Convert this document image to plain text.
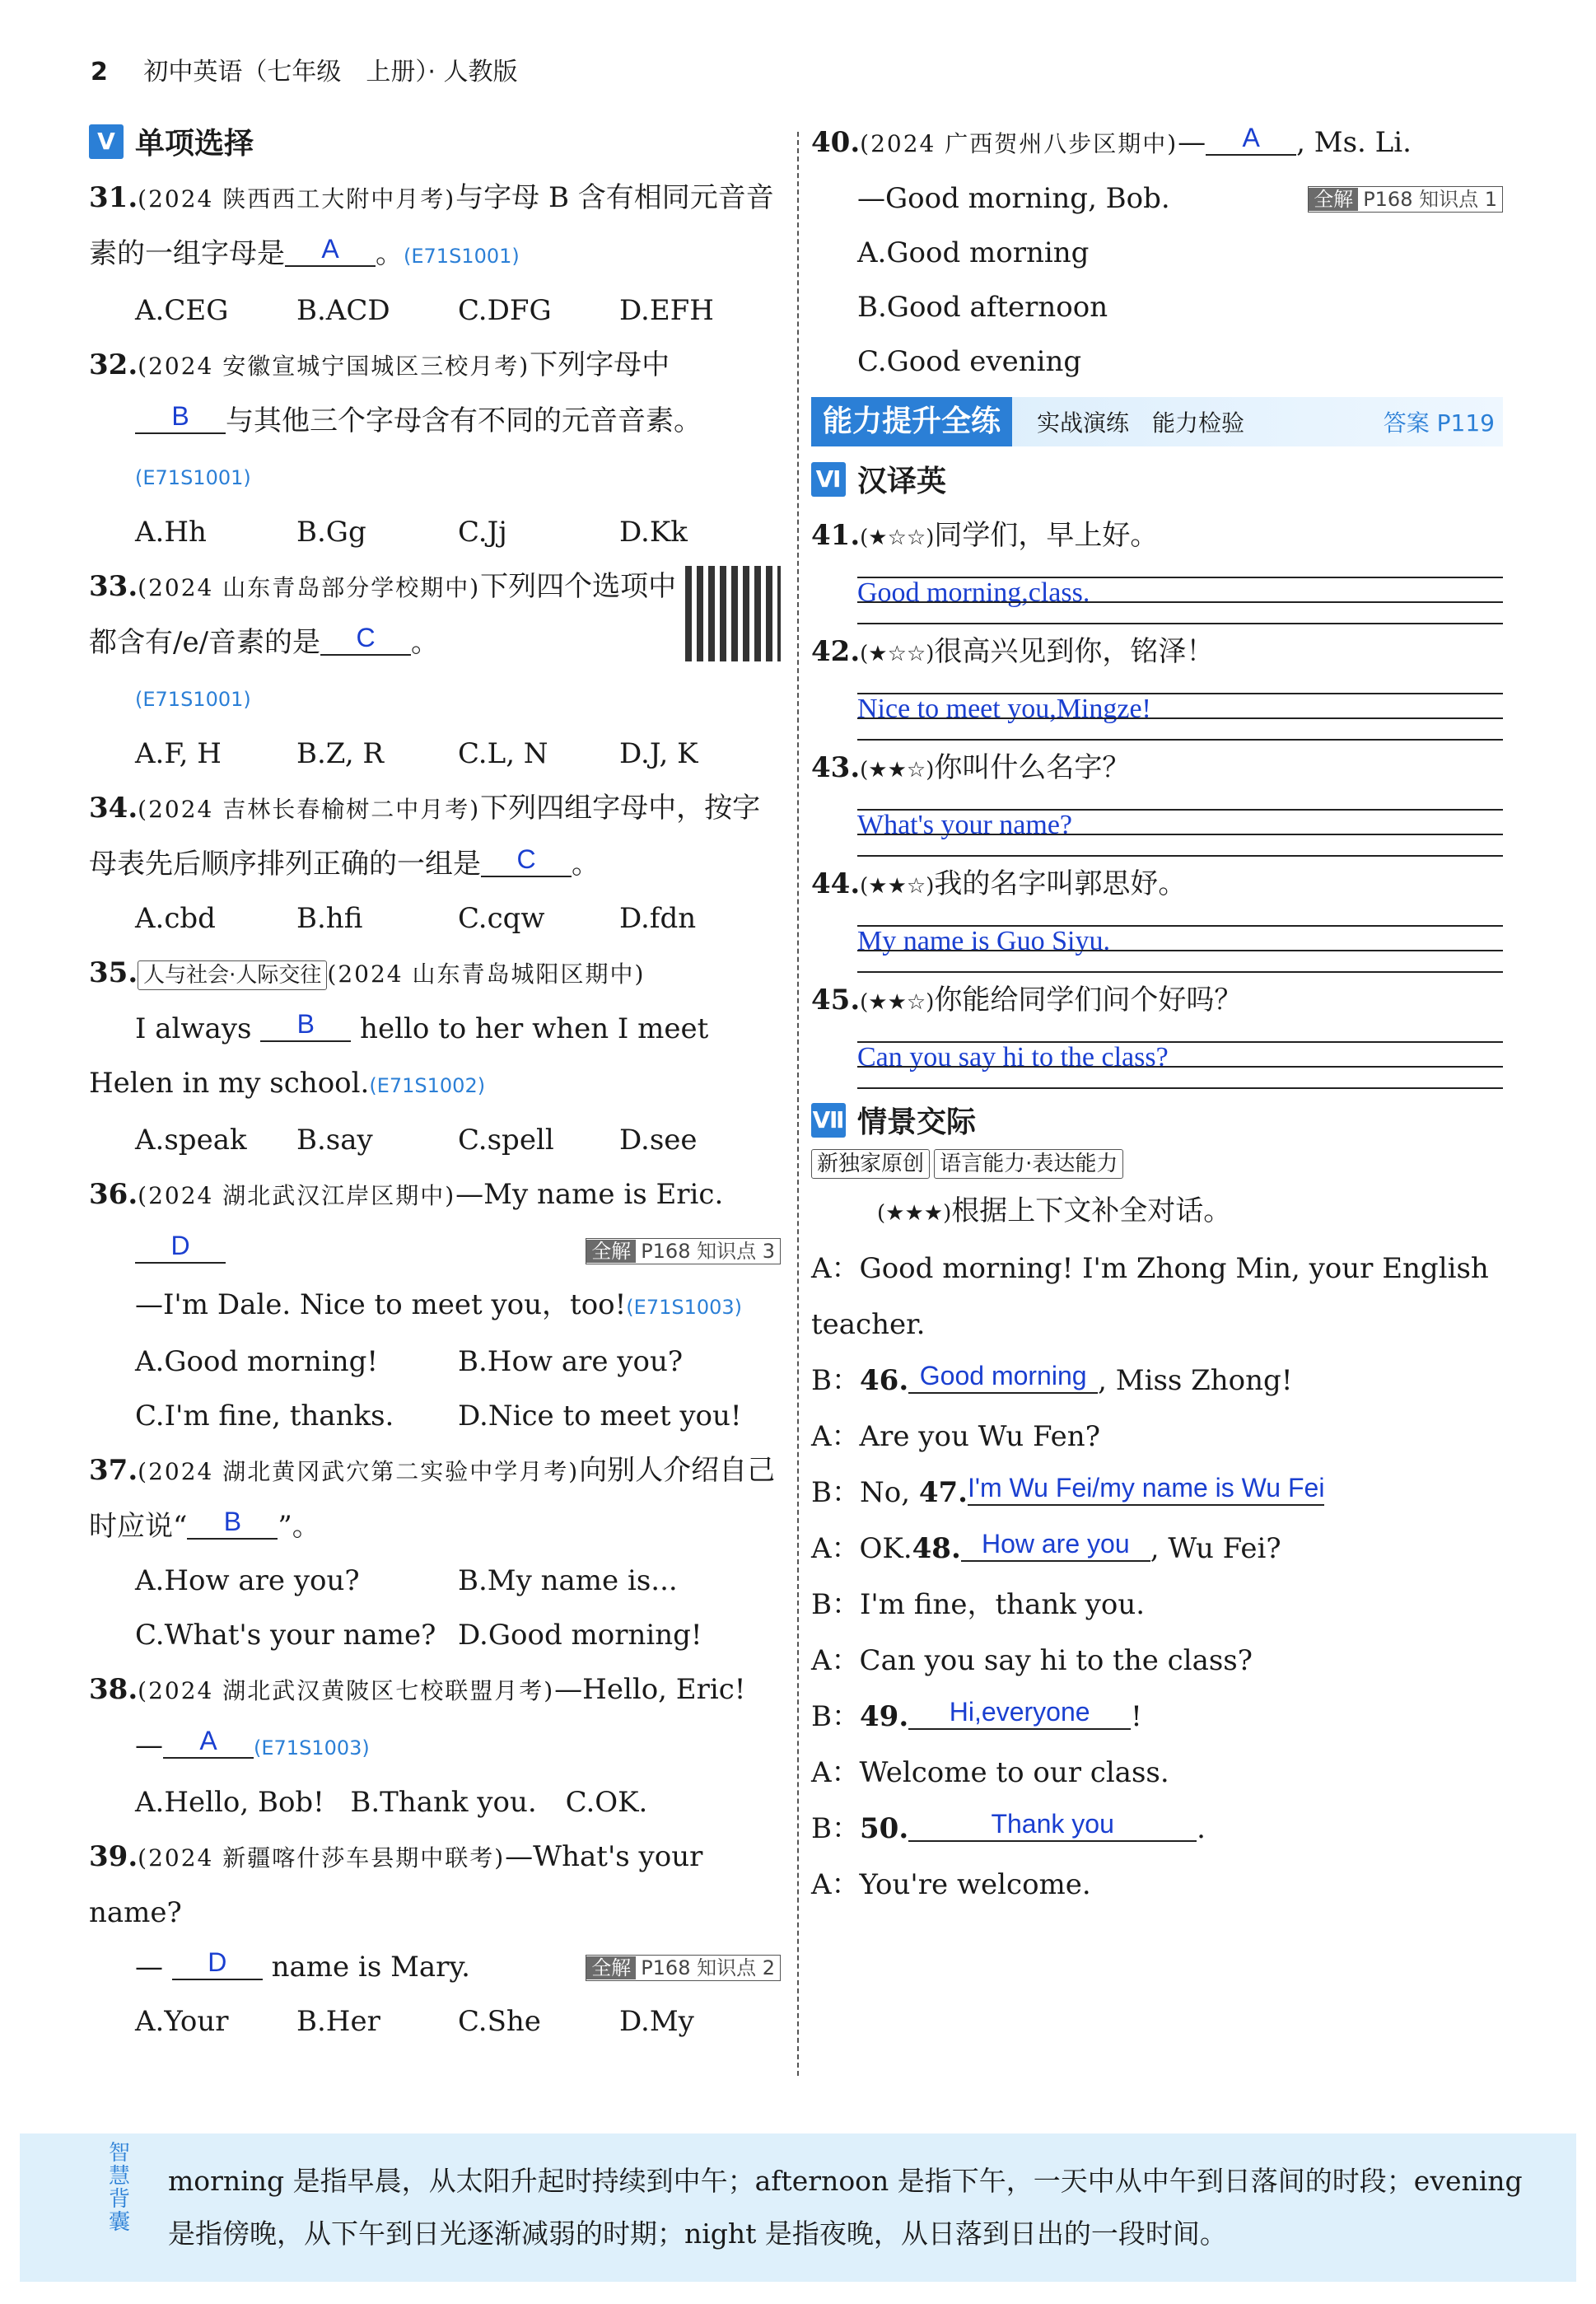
2 初中英语（七年级　上册）· 人教版
Ⅴ 单项选择
31.(2024 陕西西工大附中月考)与字母 B 含有相同元音音素的一组字母是 A 。(E71S1001)
A.CEG	B.ACD	C.DFG	D.EFH
32.(2024 安徽宣城宁国城区三校月考)下列字母中
B 与其他三个字母含有不同的元音音素。
(E71S1001)
A.Hh	B.Gg	C.Jj	D.Kk
33.(2024 山东青岛部分学校期中)下列四个选项中都含有/e/音素的是 C 。
(E71S1001)
A.F, H	B.Z, R	C.L, N	D.J, K
34.(2024 吉林长春榆树二中月考)下列四组字母中，按字母表先后顺序排列正确的一组是 C 。
A.cbd	B.hfi	C.cqw	D.fdn
35. 人与社会·人际交往 (2024 山东青岛城阳区期中)
I always B hello to her when I meet Helen in my school.(E71S1002)
A.speak	B.say	C.spell	D.see
36.(2024 湖北武汉江岸区期中)—My name is Eric.

全解 P168 知识点 3
D
—I'm Dale. Nice to meet you，too!(E71S1003)
A.Good morning!	B.How are you?
C.I'm fine, thanks.	D.Nice to meet you!
37.(2024 湖北黄冈武穴第二实验中学月考)向别人介绍自己时应说“ B ”。
A.How are you?	B.My name is...
C.What's your name? D.Good morning!
38.(2024 湖北武汉黄陂区七校联盟月考)—Hello, Eric!
— A (E71S1003)
A.Hello, Bob! B.Thank you.	C.OK.
39.(2024 新疆喀什莎车县期中联考)—What's your name?

全解 P168 知识点 2
— D name is Mary.
A.Your	B.Her	C.She	D.My
40.(2024 广西贺州八步区期中)— A , Ms. Li.

全解 P168 知识点 1
—Good morning, Bob.
A.Good morning
B.Good afternoon
C.Good evening
能力提升全练	实战演练　能力检验	答案 P119
Ⅵ 汉译英
41.(★☆☆)同学们，早上好。
Good morning,class.
42.(★☆☆)很高兴见到你，铭泽！
Nice to meet you,Mingze!
43.(★★☆)你叫什么名字？
What's your name?
44.(★★☆)我的名字叫郭思妤。
My name is Guo Siyu.
45.(★★☆)你能给同学们问个好吗？
Can you say hi to the class?
Ⅶ 情景交际
新独家原创 语言能力·表达能力
(★★★)根据上下文补全对话。
A：Good morning! I'm Zhong Min, your English teacher.
B：46. Good morning , Miss Zhong!
A：Are you Wu Fen?
B：No, 47.I'm Wu Fei/my name is Wu Fei
A：OK.48. How are you , Wu Fei?
B：I'm fine，thank you.
A：Can you say hi to the class?
B：49. Hi,everyone !
A：Welcome to our class.
B：50.	Thank you	.
A：You're welcome.
智慧背囊
morning 是指早晨，从太阳升起时持续到中午；afternoon 是指下午，一天中从中午到日落间的时段；evening 是指傍晚，从下午到日光逐渐减弱的时期；night 是指夜晚，从日落到日出的一段时间。
